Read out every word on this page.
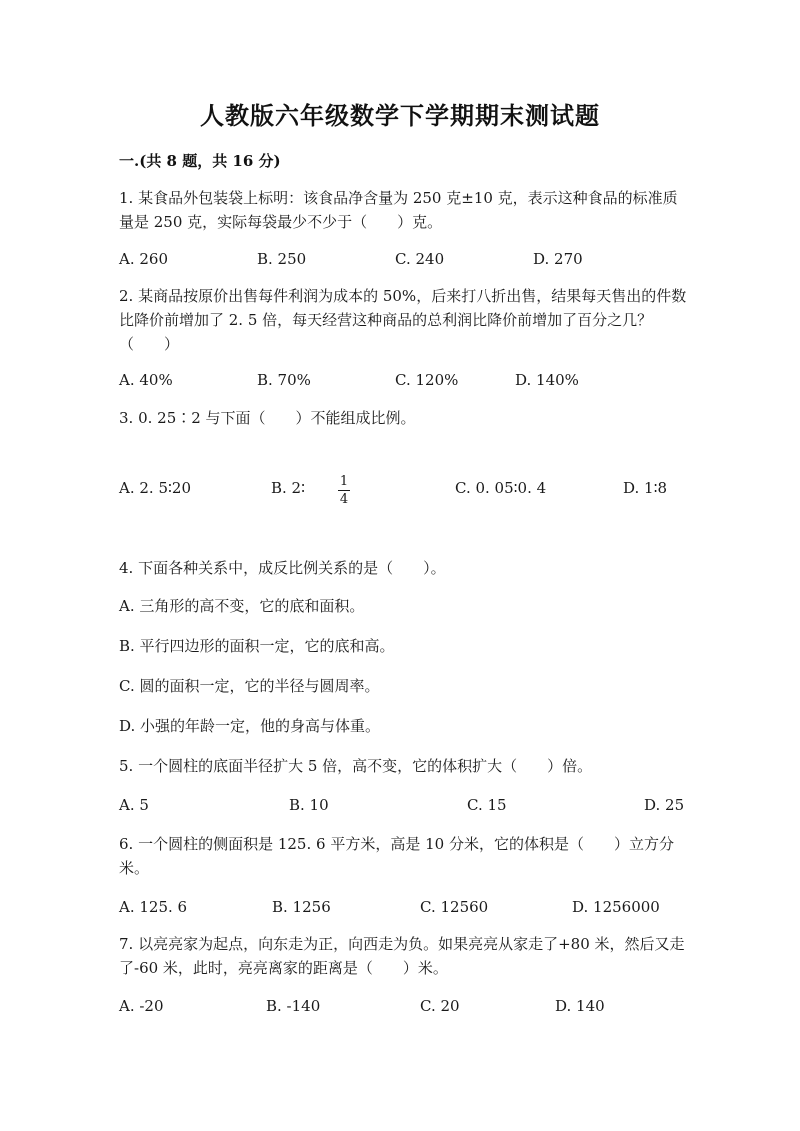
人教版六年级数学下学期期末测试题
一.(共 8 题，共 16 分)
1. 某食品外包装袋上标明：该食品净含量为 250 克±10 克，表示这种食品的标准质量是 250 克，实际每袋最少不少于（　　）克。
A. 260	B. 250	C. 240	D. 270
2. 某商品按原价出售每件利润为成本的 50%，后来打八折出售，结果每天售出的件数比降价前增加了 2. 5 倍，每天经营这种商品的总利润比降价前增加了百分之几？（　　）
A. 40%	B. 70%	C. 120%	D. 140%
3. 0. 25∶2 与下面（　　）不能组成比例。
A. 2. 5∶20	B. 2∶	1
4
C. 0. 05∶0. 4	D. 1∶8
4. 下面各种关系中，成反比例关系的是（　　）。
A. 三角形的高不变，它的底和面积。
B. 平行四边形的面积一定，它的底和高。
C. 圆的面积一定，它的半径与圆周率。
D. 小强的年龄一定，他的身高与体重。
5. 一个圆柱的底面半径扩大 5 倍，高不变，它的体积扩大（　　）倍。
A. 5	B. 10	C. 15	D. 25
6. 一个圆柱的侧面积是 125. 6 平方米，高是 10 分米，它的体积是（　　）立方分米。
A. 125. 6	B. 1256	C. 12560	D. 1256000
7. 以亮亮家为起点，向东走为正，向西走为负。如果亮亮从家走了+80 米，然后又走了-60 米，此时，亮亮离家的距离是（　　）米。
A. -20	B. -140	C. 20	D. 140
